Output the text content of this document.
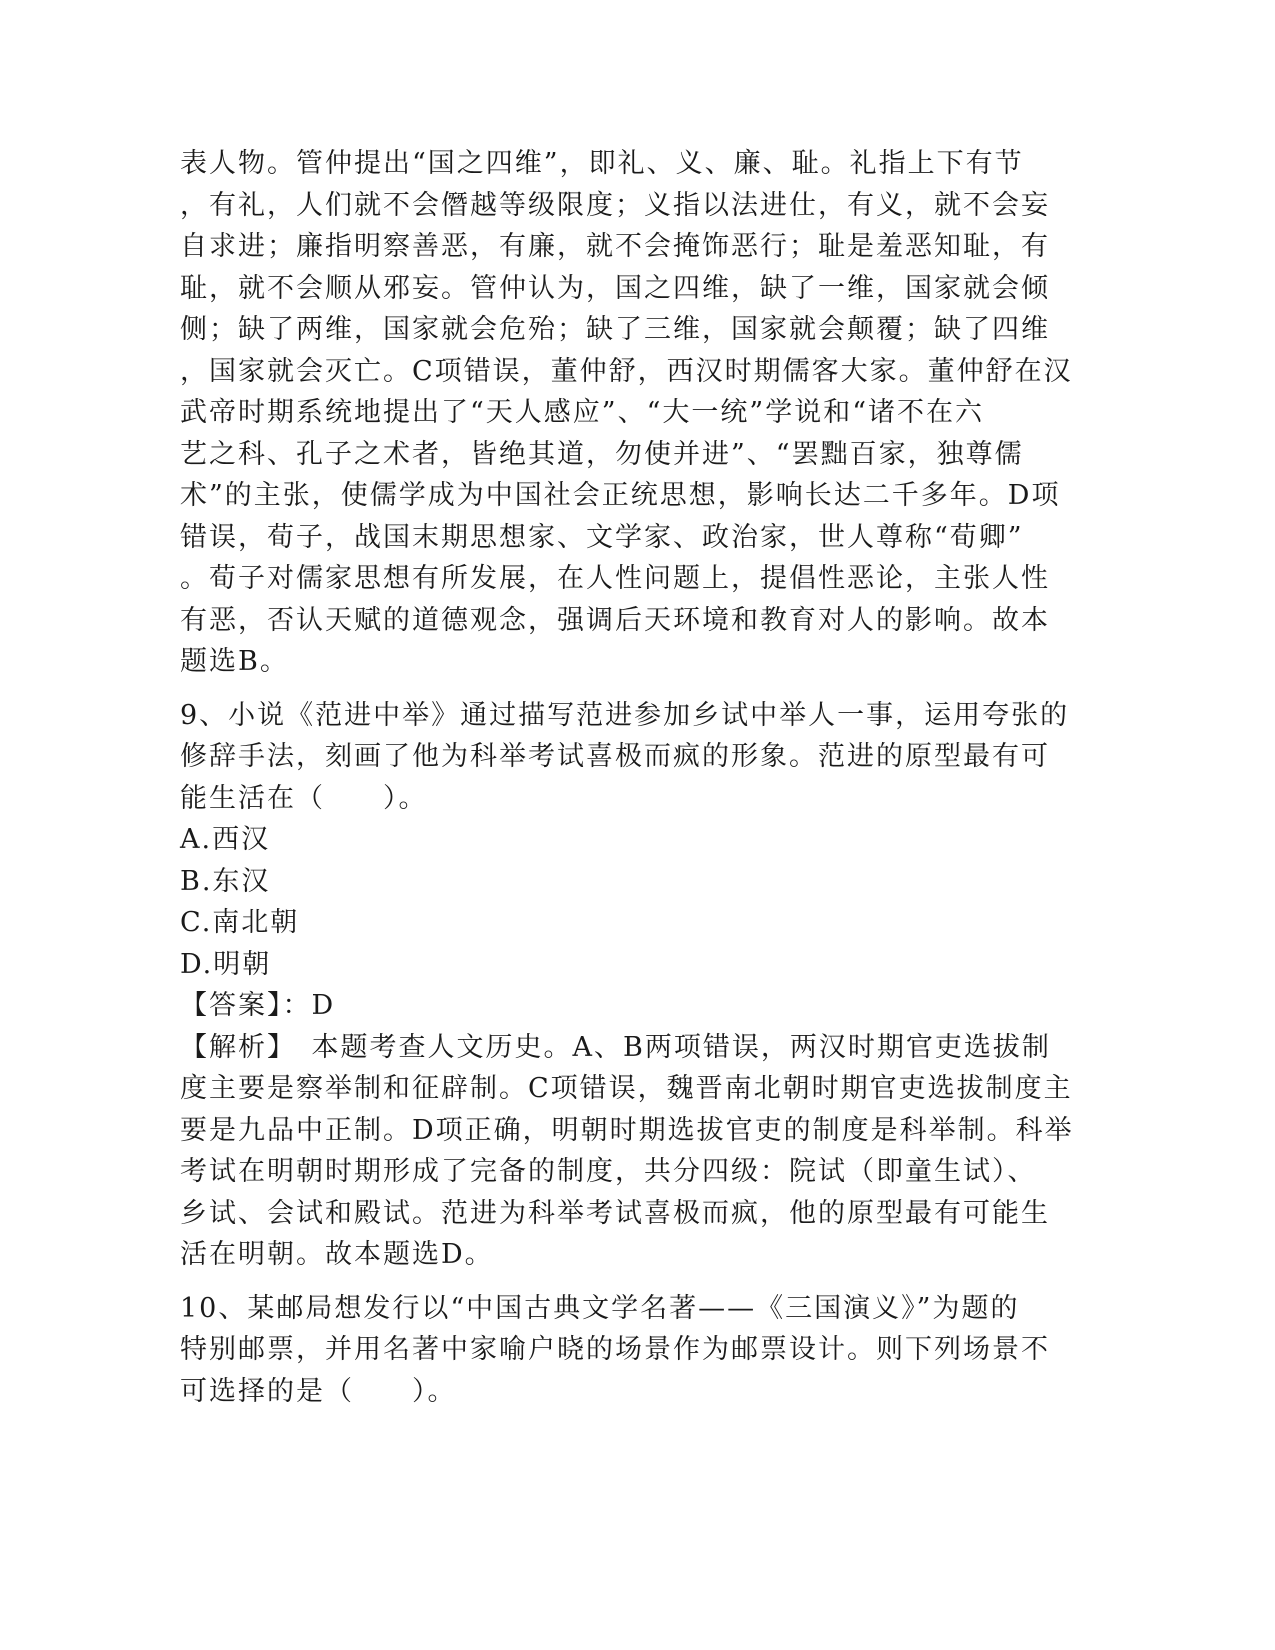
表人物。管仲提出“国之四维”，即礼、义、廉、耻。礼指上下有节
，有礼，人们就不会僭越等级限度；义指以法进仕，有义，就不会妄
自求进；廉指明察善恶，有廉，就不会掩饰恶行；耻是羞恶知耻，有
耻，就不会顺从邪妄。管仲认为，国之四维，缺了一维，国家就会倾
侧；缺了两维，国家就会危殆；缺了三维，国家就会颠覆；缺了四维
，国家就会灭亡。C项错误，董仲舒，西汉时期儒客大家。董仲舒在汉
武帝时期系统地提出了“天人感应”、“大一统”学说和“诸不在六
艺之科、孔子之术者，皆绝其道，勿使并进”、“罢黜百家，独尊儒
术”的主张，使儒学成为中国社会正统思想，影响长达二千多年。D项
错误，荀子，战国末期思想家、文学家、政治家，世人尊称“荀卿”
。荀子对儒家思想有所发展，在人性问题上，提倡性恶论，主张人性
有恶，否认天赋的道德观念，强调后天环境和教育对人的影响。故本
题选B。
9、小说《范进中举》通过描写范进参加乡试中举人一事，运用夸张的
修辞手法，刻画了他为科举考试喜极而疯的形象。范进的原型最有可
能生活在（　　）。
A.西汉
B.东汉
C.南北朝
D.明朝
【答案】：D
【解析】　本题考查人文历史。A、B两项错误，两汉时期官吏选拔制
度主要是察举制和征辟制。C项错误，魏晋南北朝时期官吏选拔制度主
要是九品中正制。D项正确，明朝时期选拔官吏的制度是科举制。科举
考试在明朝时期形成了完备的制度，共分四级：院试（即童生试）、
乡试、会试和殿试。范进为科举考试喜极而疯，他的原型最有可能生
活在明朝。故本题选D。
10、某邮局想发行以“中国古典文学名著——《三国演义》”为题的
特别邮票，并用名著中家喻户晓的场景作为邮票设计。则下列场景不
可选择的是（　　）。
